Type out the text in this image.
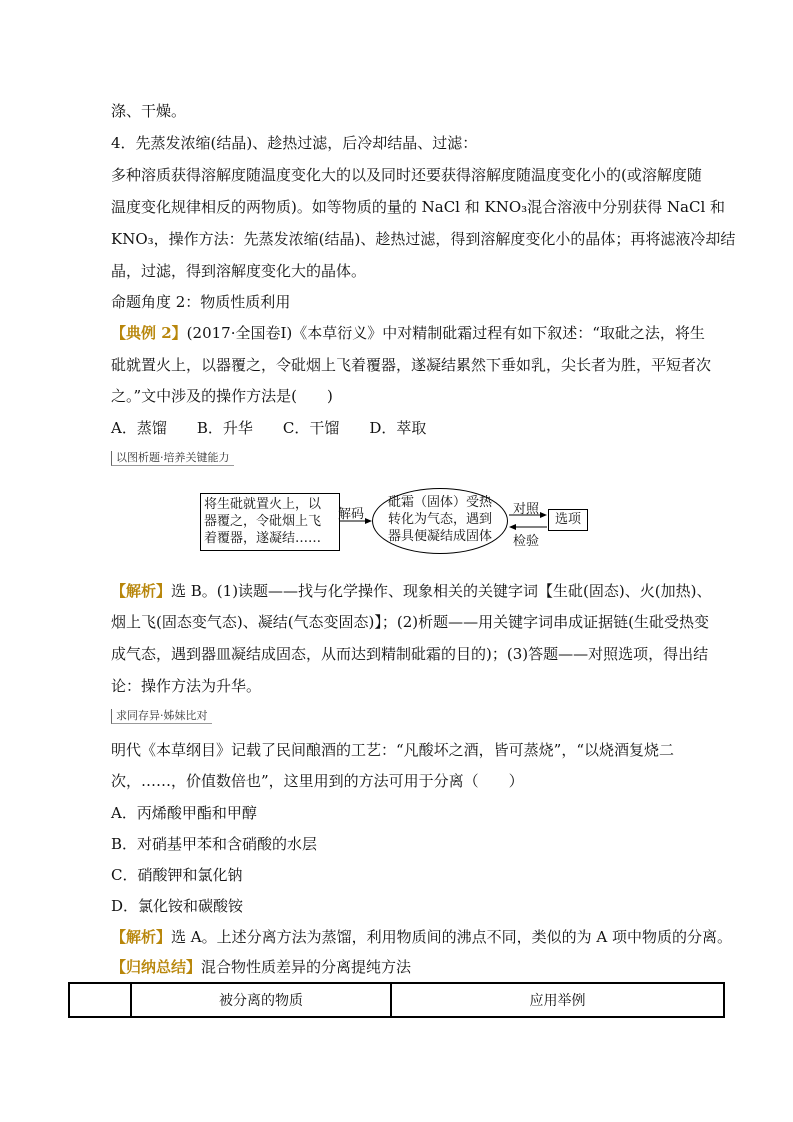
涤、干燥。
4．先蒸发浓缩(结晶)、趁热过滤，后冷却结晶、过滤：
多种溶质获得溶解度随温度变化大的以及同时还要获得溶解度随温度变化小的(或溶解度随
温度变化规律相反的两物质)。如等物质的量的 NaCl 和 KNO₃混合溶液中分别获得 NaCl 和
KNO₃，操作方法：先蒸发浓缩(结晶)、趁热过滤，得到溶解度变化小的晶体；再将滤液冷却结
晶，过滤，得到溶解度变化大的晶体。
命题角度 2：物质性质利用
【典例 2】(2017·全国卷Ⅰ)《本草衍义》中对精制砒霜过程有如下叙述：“取砒之法，将生
砒就置火上，以器覆之，令砒烟上飞着覆器，遂凝结累然下垂如乳，尖长者为胜，平短者次
之。”文中涉及的操作方法是(　　)
A．蒸馏　　B．升华　　C．干馏　　D．萃取
以图析题·培养关键能力
将生砒就置火上，以
器覆之，令砒烟上飞
着覆器，遂凝结……
解码
砒霜（固体）受热
转化为气态，遇到
器具便凝结成固体
对照
检验
选项
【解析】选 B。(1)读题——找与化学操作、现象相关的关键字词【生砒(固态)、火(加热)、
烟上飞(固态变气态)、凝结(气态变固态)】；(2)析题——用关键字词串成证据链(生砒受热变
成气态，遇到器皿凝结成固态，从而达到精制砒霜的目的)；(3)答题——对照选项，得出结
论：操作方法为升华。
求同存异·姊妹比对
明代《本草纲目》记载了民间酿酒的工艺：“凡酸坏之酒，皆可蒸烧”，“以烧酒复烧二
次，……，价值数倍也”，这里用到的方法可用于分离（　　）
A．丙烯酸甲酯和甲醇
B．对硝基甲苯和含硝酸的水层
C．硝酸钾和氯化钠
D．氯化铵和碳酸铵
【解析】选 A。上述分离方法为蒸馏，利用物质间的沸点不同，类似的为 A 项中物质的分离。
【归纳总结】混合物性质差异的分离提纯方法
	被分离的物质	应用举例
